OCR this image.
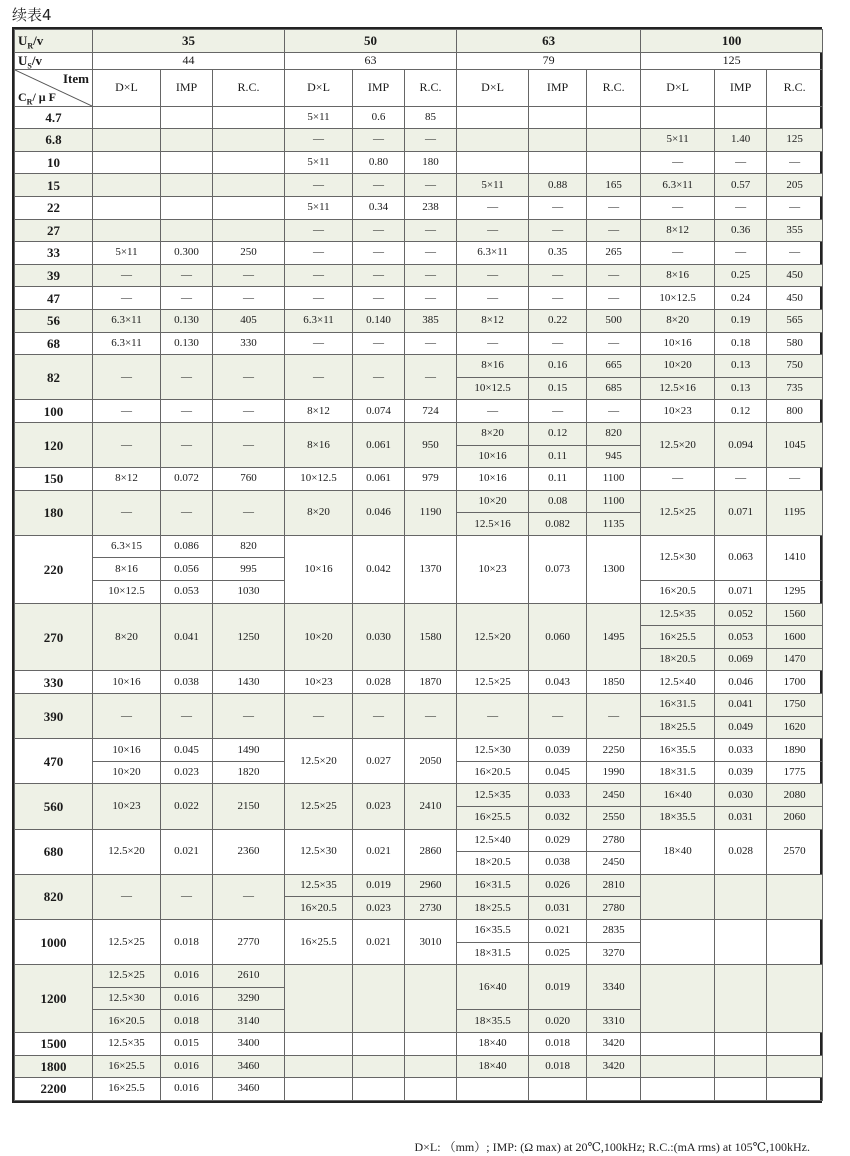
续表4
$U_R/v$	35			50			63			100		
$U_S/v$	44			63			79			125		

Item
$C_R/$ μ F	D×L	IMP	R.C.	D×L	IMP	R.C.	D×L	IMP	R.C.	D×L	IMP	R.C.
4.7				5×11	0.6	85						
6.8				—	—	—				5×11	1.40	125
10				5×11	0.80	180				—	—	—
15				—	—	—	5×11	0.88	165	6.3×11	0.57	205
22				5×11	0.34	238	—	—	—	—	—	—
27				—	—	—	—	—	—	8×12	0.36	355
33	5×11	0.300	250	—	—	—	6.3×11	0.35	265	—	—	—
39	—	—	—	—	—	—	—	—	—	8×16	0.25	450
47	—	—	—	—	—	—	—	—	—	10×12.5	0.24	450
56	6.3×11	0.130	405	6.3×11	0.140	385	8×12	0.22	500	8×20	0.19	565
68	6.3×11	0.130	330	—	—	—	—	—	—	10×16	0.18	580
82	—	—	—	—	—	—	8×16	0.16	665	10×20	0.13	750
							10×12.5	0.15	685	12.5×16	0.13	735
100	—	—	—	8×12	0.074	724	—	—	—	10×23	0.12	800
120	—	—	—	8×16	0.061	950	8×20	0.12	820	12.5×20	0.094	1045
							10×16	0.11	945			
150	8×12	0.072	760	10×12.5	0.061	979	10×16	0.11	1100	—	—	—
180	—	—	—	8×20	0.046	1190	10×20	0.08	1100	12.5×25	0.071	1195
							12.5×16	0.082	1135			
220	6.3×15	0.086	820	10×16	0.042	1370	10×23	0.073	1300	12.5×30	0.063	1410
	8×16	0.056	995									
	10×12.5	0.053	1030							16×20.5	0.071	1295
270	8×20	0.041	1250	10×20	0.030	1580	12.5×20	0.060	1495	12.5×35	0.052	1560
										16×25.5	0.053	1600
										18×20.5	0.069	1470
330	10×16	0.038	1430	10×23	0.028	1870	12.5×25	0.043	1850	12.5×40	0.046	1700
390	—	—	—	—	—	—	—	—	—	16×31.5	0.041	1750
										18×25.5	0.049	1620
470	10×16	0.045	1490	12.5×20	0.027	2050	12.5×30	0.039	2250	16×35.5	0.033	1890
	10×20	0.023	1820				16×20.5	0.045	1990	18×31.5	0.039	1775
560	10×23	0.022	2150	12.5×25	0.023	2410	12.5×35	0.033	2450	16×40	0.030	2080
							16×25.5	0.032	2550	18×35.5	0.031	2060
680	12.5×20	0.021	2360	12.5×30	0.021	2860	12.5×40	0.029	2780	18×40	0.028	2570
							18×20.5	0.038	2450			
820	—	—	—	12.5×35	0.019	2960	16×31.5	0.026	2810			
				16×20.5	0.023	2730	18×25.5	0.031	2780			
1000	12.5×25	0.018	2770	16×25.5	0.021	3010	16×35.5	0.021	2835			
							18×31.5	0.025	3270			
1200	12.5×25	0.016	2610				16×40	0.019	3340			
	12.5×30	0.016	3290									
	16×20.5	0.018	3140				18×35.5	0.020	3310			
1500	12.5×35	0.015	3400				18×40	0.018	3420			
1800	16×25.5	0.016	3460				18×40	0.018	3420			
2200	16×25.5	0.016	3460									
D×L: （mm）; IMP: (Ω max) at 20℃,100kHz; R.C.:(mA rms) at 105℃,100kHz.
